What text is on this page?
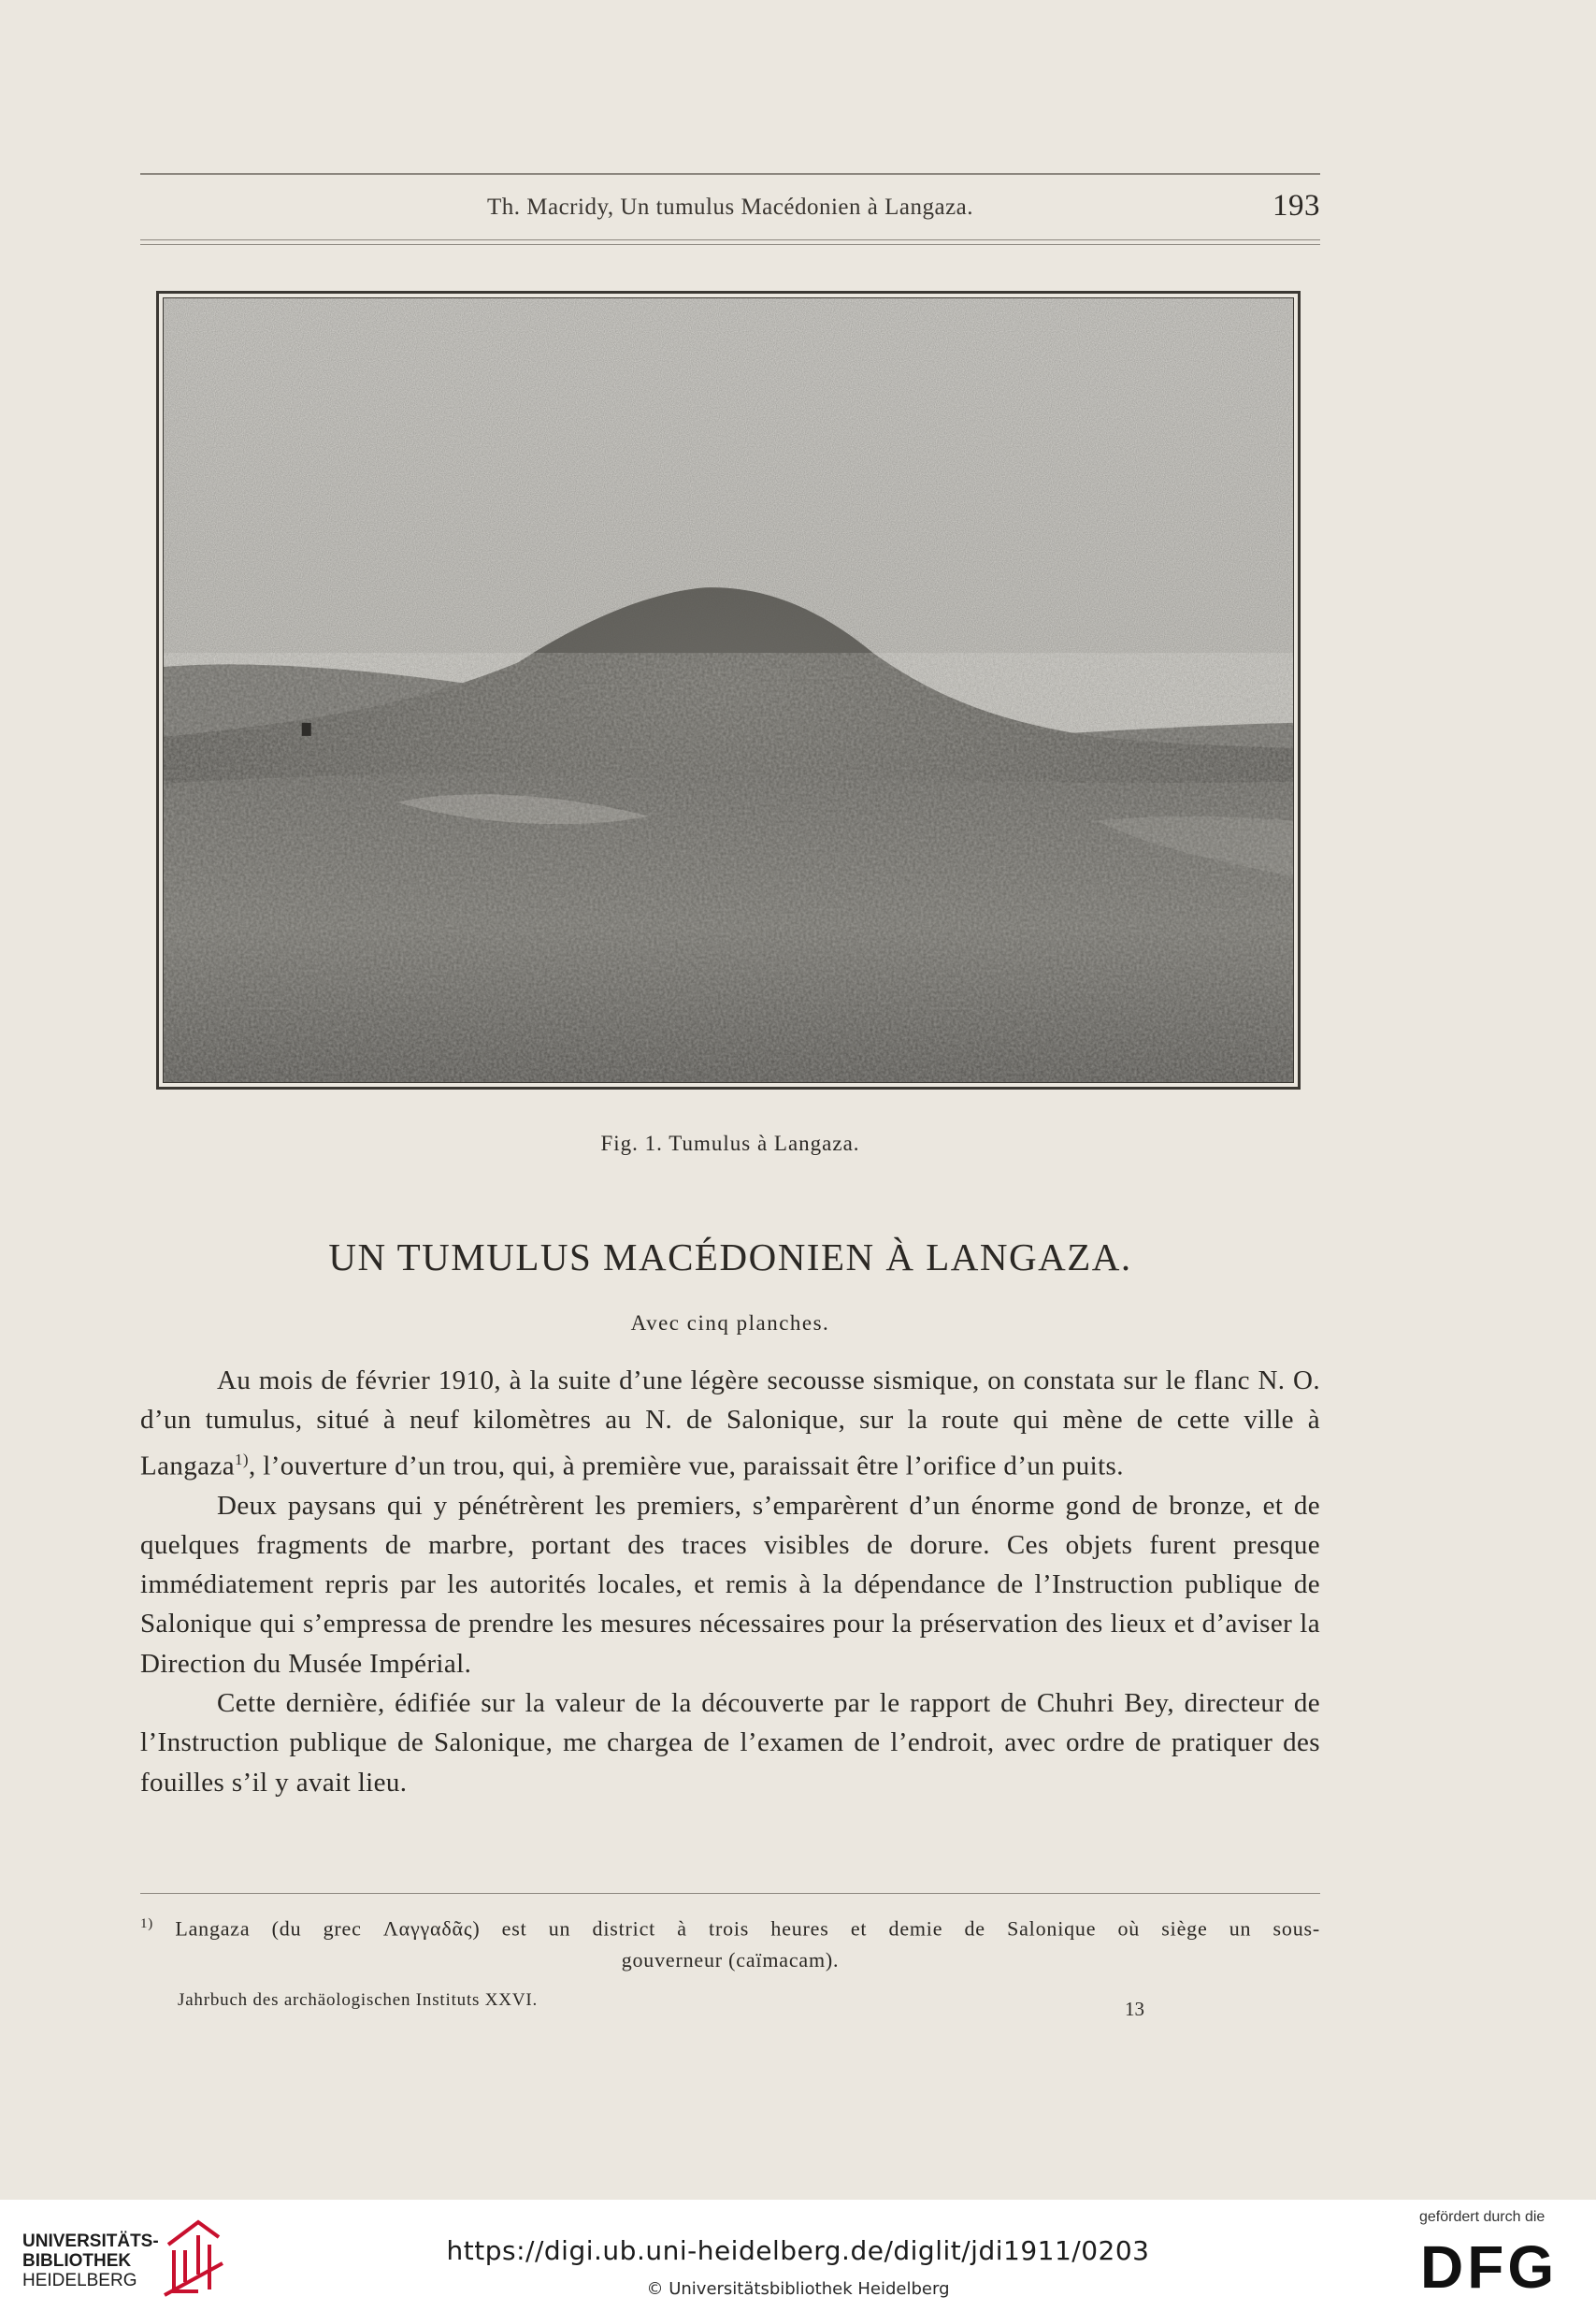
Th. Macridy, Un tumulus Macédonien à Langaza.	193
Fig. 1. Tumulus à Langaza.
UN TUMULUS MACÉDONIEN À LANGAZA.
Avec cinq planches.

Au mois de février 1910, à la suite d’une légère secousse sismique, on constata sur le flanc N. O. d’un tumulus, situé à neuf kilomètres au N. de Salonique, sur la route qui mène de cette ville à Langaza$^{1)}$, l’ouverture d’un trou, qui, à première vue, paraissait être l’orifice d’un puits.

Deux paysans qui y pénétrèrent les premiers, s’emparèrent d’un énorme gond de bronze, et de quelques fragments de marbre, portant des traces visibles de dorure. Ces objets furent presque immédiatement repris par les autorités locales, et remis à la dépendance de l’Instruction publique de Salonique qui s’empressa de prendre les mesures nécessaires pour la préservation des lieux et d’aviser la Direction du Musée Impérial.

Cette dernière, édifiée sur la valeur de la découverte par le rapport de Chuhri Bey, directeur de l’Instruction publique de Salonique, me chargea de l’examen de l’endroit, avec ordre de pratiquer des fouilles s’il y avait lieu.

$^{1)}$ Langaza (du grec Λαγγαδᾶς) est un district à trois heures et demie de Salonique où siège un sous-
gouverneur (caïmacam).
Jahrbuch des archäologischen Instituts XXVI.	13
UNIVERSITÄTS-
BIBLIOTHEK
HEIDELBERG
https://digi.ub.uni-heidelberg.de/diglit/jdi1911/0203
© Universitätsbibliothek Heidelberg
gefördert durch die
DFG
